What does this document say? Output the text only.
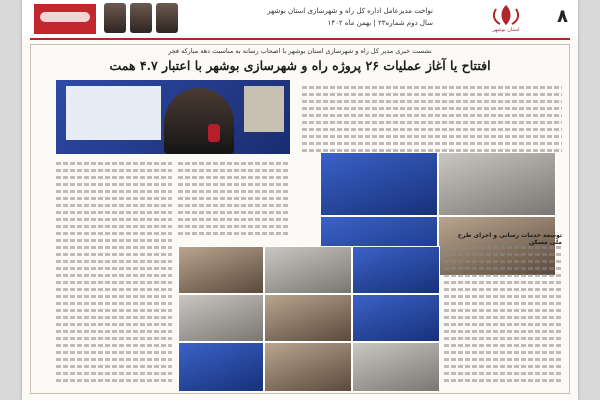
نواخت مدیرعامل اداره کل راه و شهرسازی استان بوشهر
سال دوم شماره۲۳ | بهمن ماه ۱۴۰۲
استان بوشهر
۸
نشست خبری مدیر کل راه و شهرسازی استان بوشهر با اصحاب رسانه به مناسبت دهه مبارکه فجر
افتتاح یا آغاز عملیات ۲۶ پروژه راه و شهرسازی بوشهر با اعتبار ۴.۷ همت
توسعه خدمات رسانی و اجرای طرح ملی مسکن
